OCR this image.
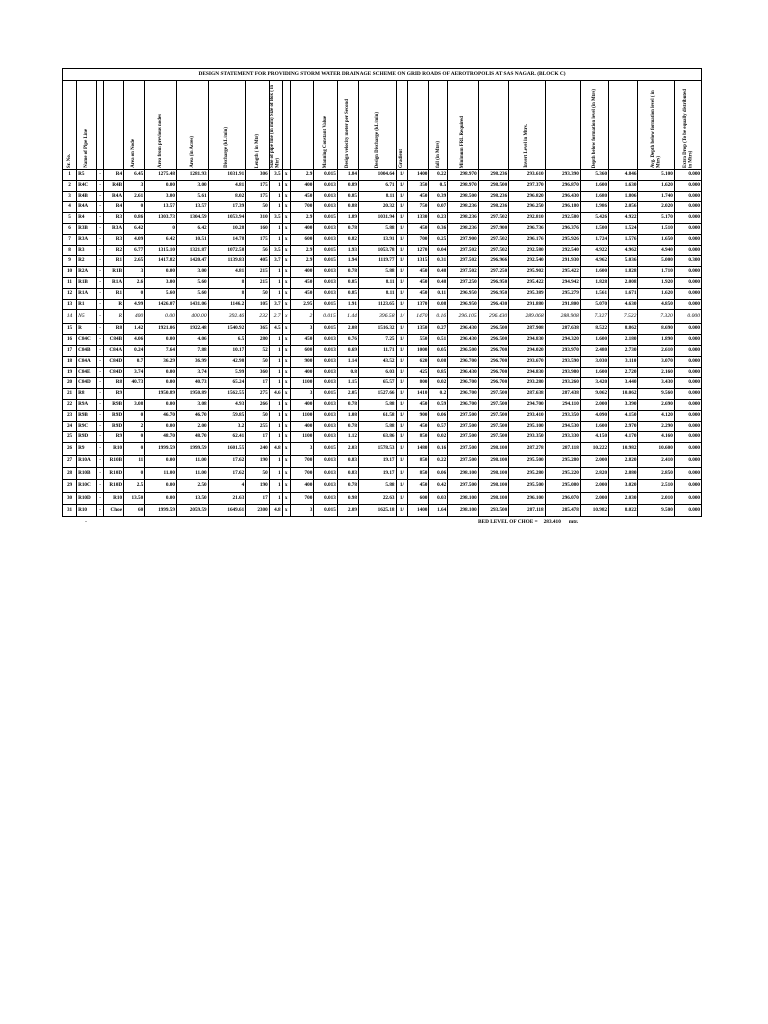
DESIGN STATEMENT FOR PROVIDING STORM WATER DRAINAGE SCHEME ON GRID ROADS OF AEROTROPOLIS AT SAS NAGAR. (BLOCK C)
Sr. No.	Name of Pipe Line			Area on Node	Area from previous nodes	Area (in Acres)	Discharge (kL/min)	Length ( in Mtr)	Size of pipe line (in mm) Size of Box ( in Mtr)			Manning Constant Value	Design velocity meter per Second	Design Discharge (kL/min)	Gradient		fall (in Mtrs)	Minimum FRL Required		Invert Level in Mtrs.		Depth below formation level (in Mtrs)		Avg. Depth below formation level ( in Mtrs)	Extra Drop (To be equally distributed in Mtrs)

1	R5	-	R4	6.45	1275.48	1281.93	1031.91	306	3.5	x	2.9	0.015	1.84	1004.64	1/	1400	0.22	298.970	298.236	293.610	293.390	5.360	4.846	5.100	0.000
2	R4C	-	R4B	3	0.00	3.00	4.81	175	1	x	400	0.013	0.89	6.71	1/	350	0.5	298.970	298.500	297.370	296.870	1.600	1.630	1.620	0.000
3	R4B	-	R4A	2.61	3.00	5.61	8.02	175	1	x	450	0.013	0.85	8.11	1/	450	0.39	298.500	298.236	296.820	296.430	1.680	1.806	1.740	0.000
4	R4A	-	R4	0	13.57	13.57	17.39	50	1	x	700	0.013	0.88	20.32	1/	750	0.07	298.236	298.236	296.250	296.180	1.986	2.056	2.020	0.000
5	R4	-	R3	0.86	1303.73	1304.59	1053.94	310	3.5	x	2.9	0.015	1.89	1031.94	1/	1330	0.23	298.236	297.502	292.810	292.580	5.426	4.922	5.170	0.000
6	R3B	-	R3A	6.42	0	6.42	10.28	160	1	x	400	0.013	0.78	5.88	1/	450	0.36	298.236	297.900	296.736	296.376	1.500	1.524	1.510	0.000
7	R3A	-	R3	4.09	6.42	10.51	14.78	175	1	x	600	0.013	0.82	13.91	1/	700	0.25	297.900	297.502	296.176	295.926	1.724	1.576	1.650	0.000
8	R3	-	R2	6.77	1315.10	1321.87	1072.58	56	3.5	x	2.9	0.015	1.93	1053.78	1/	1270	0.04	297.502	297.502	292.580	292.540	4.922	4.962	4.940	0.000
9	R2	-	R1	2.65	1417.82	1420.47	1139.83	405	3.7	x	2.9	0.015	1.94	1119.77	1/	1315	0.31	297.502	296.966	292.540	291.930	4.962	5.036	5.000	0.300
10	R2A	-	R1B	3	0.00	3.00	4.81	215	1	x	400	0.013	0.78	5.88	1/	450	0.48	297.502	297.250	295.902	295.422	1.600	1.828	1.710	0.000
11	R1B	-	R1A	2.6	3.00	5.60	8	215	1	x	450	0.013	0.85	8.11	1/	450	0.48	297.250	296.950	295.422	294.942	1.828	2.008	1.920	0.000
12	R1A	-	R1	0	5.60	5.60	8	50	1	x	450	0.013	0.85	8.11	1/	450	0.11	296.950	296.950	295.389	295.279	1.561	1.671	1.620	0.000
13	R1	-	R	4.99	1426.07	1431.06	1146.2	105	3.7	x	2.95	0.015	1.91	1123.65	1/	1370	0.08	296.950	296.430	291.880	291.800	5.070	4.630	4.850	0.000
14	N5	-	R	400	0.00	400.00	392.46	232	2.7	x	2	0.015	1.44	396.58	1/	1470	0.16	296.105	296.430	289.068	288.908	7.327	7.522	7.320	0.000
15	R	-	R8	1.42	1921.06	1922.48	1540.92	365	4.5	x	3	0.015	2.08	1516.32	1/	1350	0.27	296.430	296.500	287.908	287.638	8.522	8.862	8.690	0.000
16	C84C	-	C84B	4.06	0.00	4.06	6.5	280	1	x	450	0.013	0.76	7.25	1/	550	0.51	296.430	296.500	294.830	294.320	1.600	2.180	1.890	0.000
17	C84B	-	C84A	0.24	7.64	7.88	10.17	52	1	x	600	0.013	0.69	11.71	1/	1000	0.05	296.500	296.700	294.020	293.970	2.480	2.730	2.610	0.000
18	C84A	-	C84D	0.7	36.29	36.99	42.98	50	1	x	900	0.013	1.14	43.52	1/	620	0.08	296.700	296.700	293.670	293.590	3.030	3.110	3.070	0.000
19	C84E	-	C84D	3.74	0.00	3.74	5.99	360	1	x	400	0.013	0.8	6.03	1/	425	0.85	296.430	296.700	294.830	293.980	1.600	2.720	2.160	0.000
20	C84D	-	R8	40.73	0.00	40.73	65.24	17	1	x	1100	0.013	1.15	65.57	1/	800	0.02	296.700	296.700	293.280	293.260	3.420	3.440	3.430	0.000
21	R8	-	R9		1950.89	1950.89	1562.55	275	4.6	x	3	0.015	2.05	1527.66	1/	1410	0.2	296.700	297.500	287.638	287.438	9.062	10.062	9.560	0.000
22	R9A	-	R9B	3.08	0.00	3.08	4.93	266	1	x	400	0.013	0.78	5.88	1/	450	0.59	296.700	297.500	294.700	294.110	2.000	3.390	2.690	0.000
23	R9B	-	R9D	0	46.70	46.70	59.85	50	1	x	1100	0.013	1.08	61.58	1/	900	0.06	297.500	297.500	293.410	293.350	4.090	4.150	4.120	0.000
24	R9C	-	R9D	2	0.00	2.00	3.2	255	1	x	400	0.013	0.78	5.88	1/	450	0.57	297.500	297.500	295.100	294.530	1.600	2.970	2.290	0.000
25	R9D	-	R9	0	48.70	48.70	62.41	17	1	x	1100	0.013	1.12	63.86	1/	850	0.02	297.500	297.500	293.350	293.330	4.150	4.170	4.160	0.000
26	R9	-	R10	0	1999.59	1999.59	1601.55	240	4.8	x	3	0.015	2.03	1578.53	1/	1480	0.16	297.500	298.100	287.278	287.118	10.222	10.982	10.600	0.000
27	R10A	-	R10B	11	0.00	11.00	17.62	190	1	x	700	0.013	0.83	19.17	1/	850	0.22	297.500	298.100	295.500	295.280	2.000	2.820	2.410	0.000
28	R10B	-	R10D	0	11.00	11.00	17.62	50	1	x	700	0.013	0.83	19.17	1/	850	0.06	298.100	298.100	295.280	295.220	2.820	2.880	2.850	0.000
29	R10C	-	R10D	2.5	0.00	2.50	4	190	1	x	400	0.013	0.78	5.88	1/	450	0.42	297.500	298.100	295.500	295.080	2.000	3.020	2.510	0.000
30	R10D	-	R10	13.50	0.00	13.50	21.63	17	1	x	700	0.013	0.98	22.63	1/	600	0.03	298.100	298.100	296.100	296.070	2.000	2.030	2.010	0.000
31	R10	-	Choe	60	1999.59	2059.59	1649.61	2300	4.8	x	3	0.015	2.09	1625.18	1/	1400	1.64	298.100	293.500	287.118	285.478	10.982	8.022	9.500	0.000
-	BED LEVEL OF CHOE = 283.410 mtr.
